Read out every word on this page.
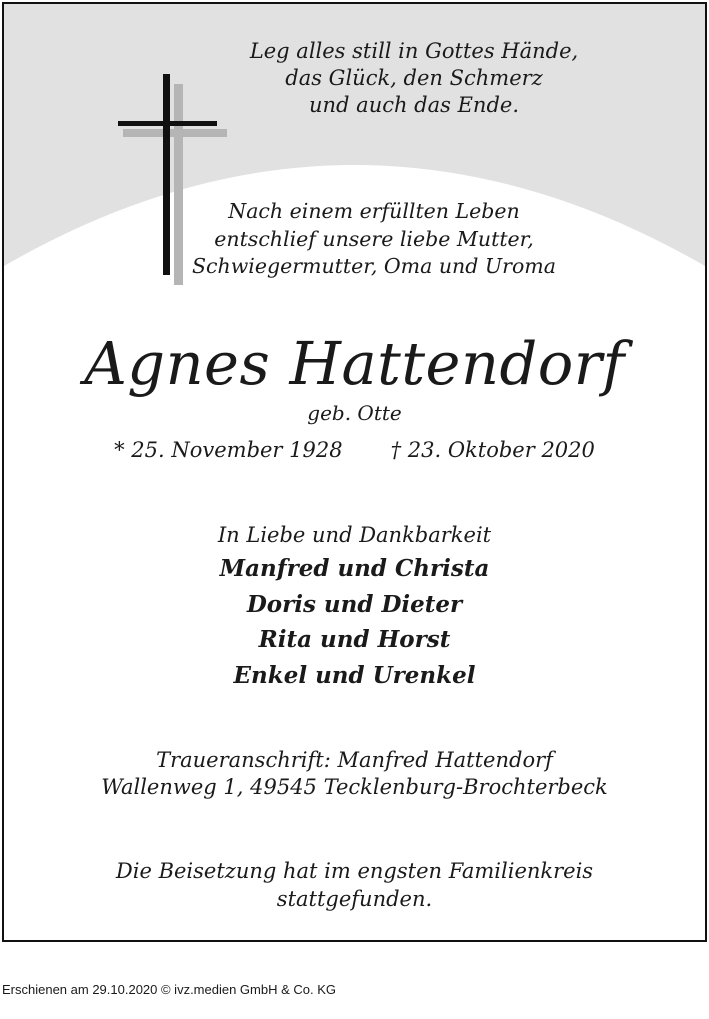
Leg alles still in Gottes Hände,
das Glück, den Schmerz
und auch das Ende.
Nach einem erfüllten Leben
entschlief unsere liebe Mutter,
Schwiegermutter, Oma und Uroma
Agnes Hattendorf
geb. Otte
* 25. November 1928 † 23. Oktober 2020
In Liebe und Dankbarkeit
Manfred und Christa
Doris und Dieter
Rita und Horst
Enkel und Urenkel
Traueranschrift: Manfred Hattendorf
Wallenweg 1, 49545 Tecklenburg-Brochterbeck
Die Beisetzung hat im engsten Familienkreis
stattgefunden.
Erschienen am 29.10.2020 © ivz.medien GmbH & Co. KG
